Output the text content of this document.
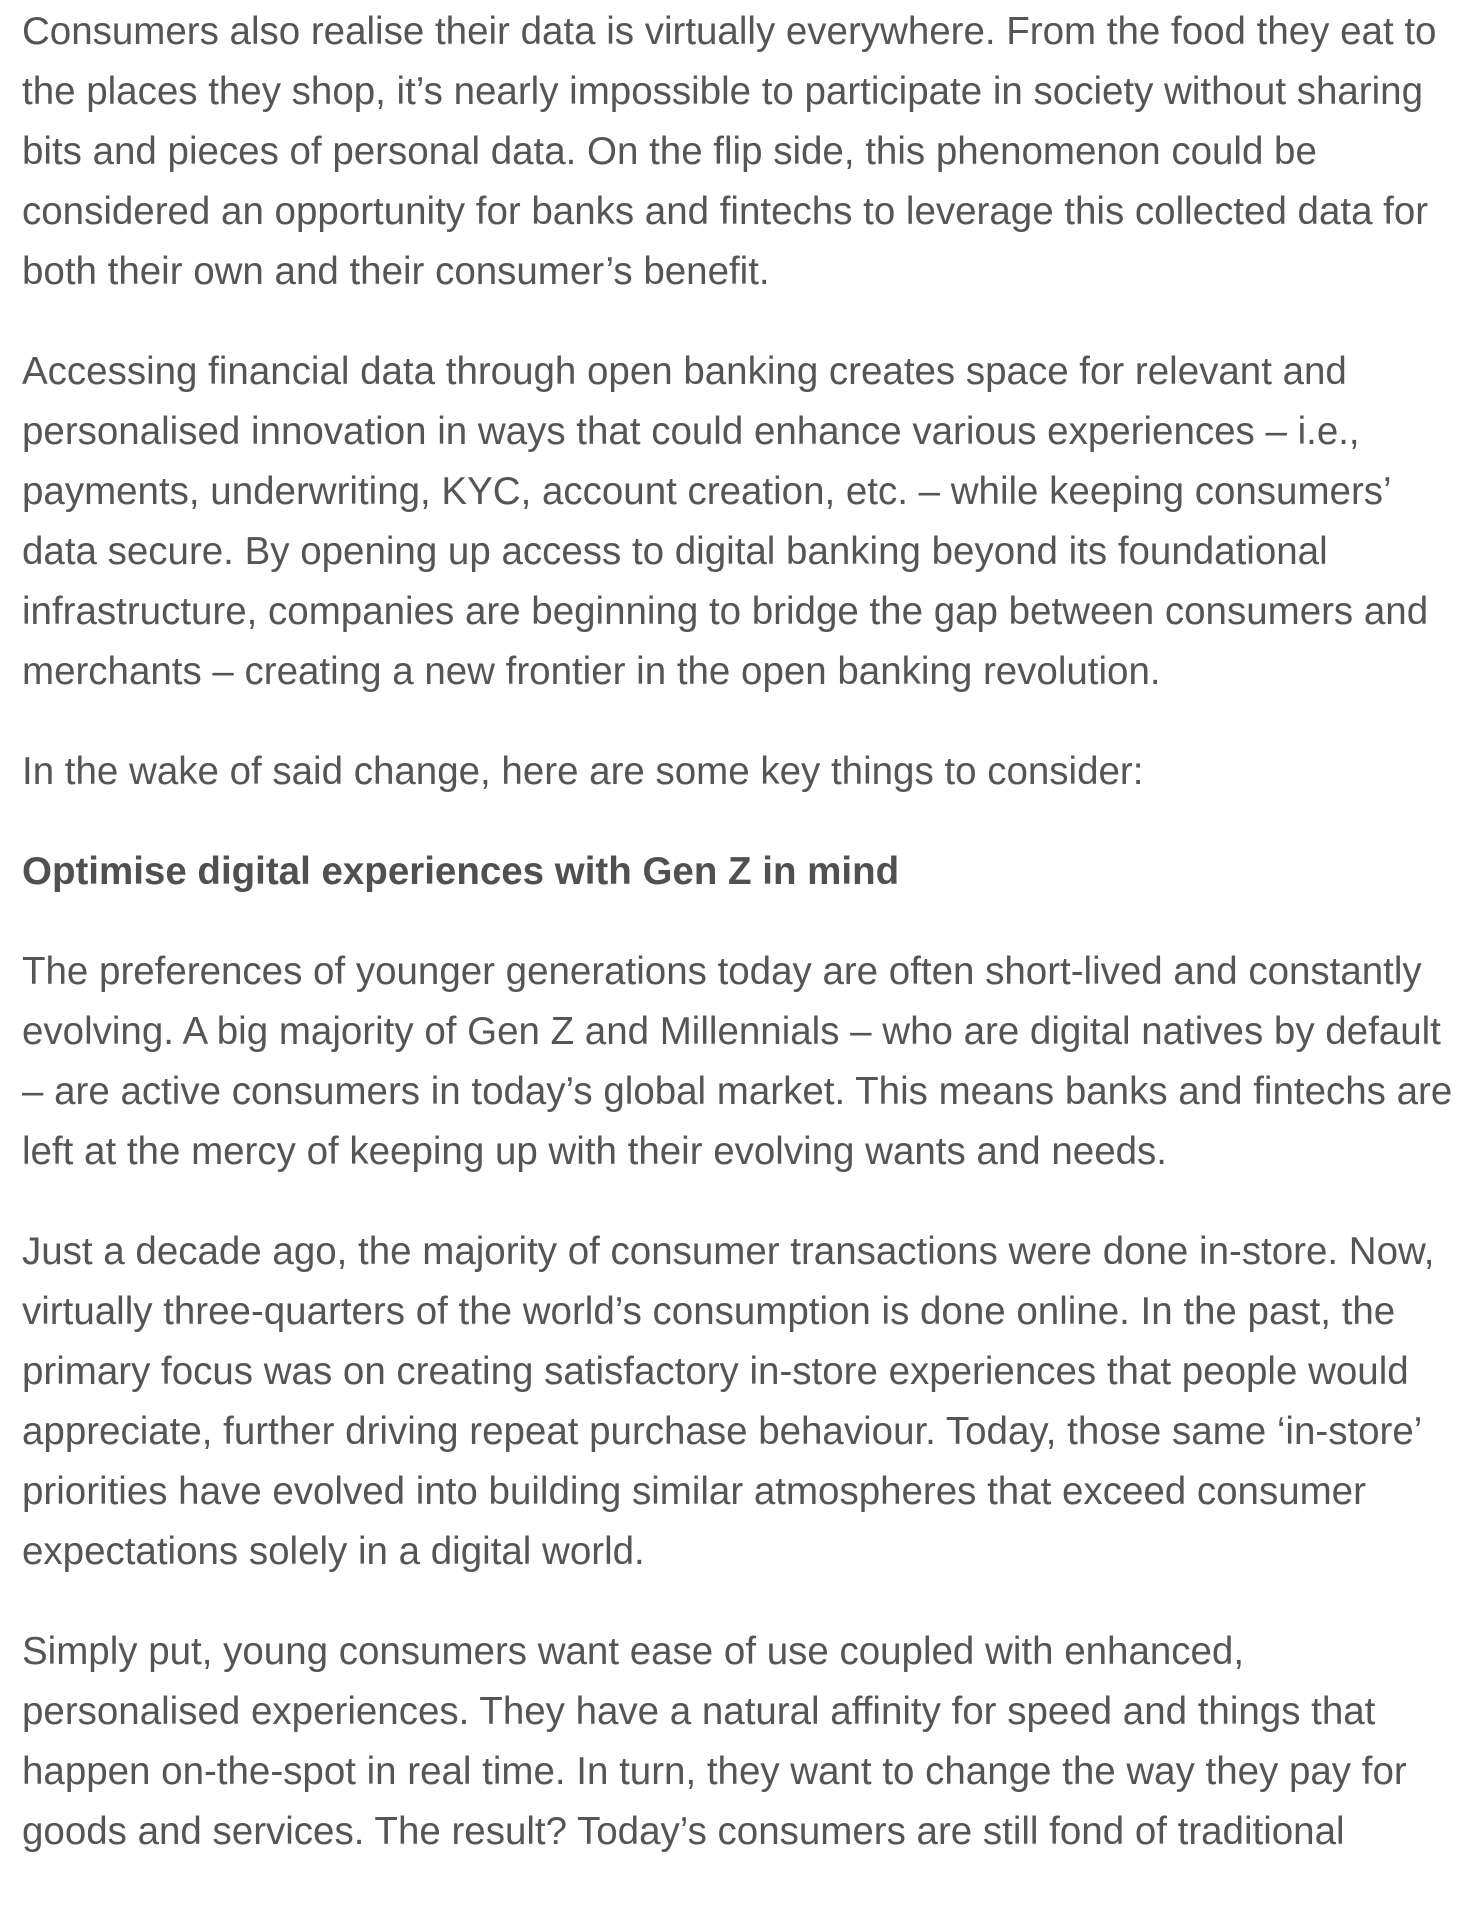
Consumers also realise their data is virtually everywhere. From the food they eat to the places they shop, it’s nearly impossible to participate in society without sharing bits and pieces of personal data. On the flip side, this phenomenon could be considered an opportunity for banks and fintechs to leverage this collected data for both their own and their consumer’s benefit.

Accessing financial data through open banking creates space for relevant and personalised innovation in ways that could enhance various experiences – i.e., payments, underwriting, KYC, account creation, etc. – while keeping consumers’ data secure. By opening up access to digital banking beyond its foundational infrastructure, companies are beginning to bridge the gap between consumers and merchants – creating a new frontier in the open banking revolution.

In the wake of said change, here are some key things to consider:

Optimise digital experiences with Gen Z in mind

The preferences of younger generations today are often short-lived and constantly evolving. A big majority of Gen Z and Millennials – who are digital natives by default – are active consumers in today’s global market. This means banks and fintechs are left at the mercy of keeping up with their evolving wants and needs.

Just a decade ago, the majority of consumer transactions were done in-store. Now, virtually three-quarters of the world’s consumption is done online. In the past, the primary focus was on creating satisfactory in-store experiences that people would appreciate, further driving repeat purchase behaviour. Today, those same ‘in-store’ priorities have evolved into building similar atmospheres that exceed consumer expectations solely in a digital world.

Simply put, young consumers want ease of use coupled with enhanced, personalised experiences. They have a natural affinity for speed and things that happen on-the-spot in real time. In turn, they want to change the way they pay for goods and services. The result? Today’s consumers are still fond of traditional
